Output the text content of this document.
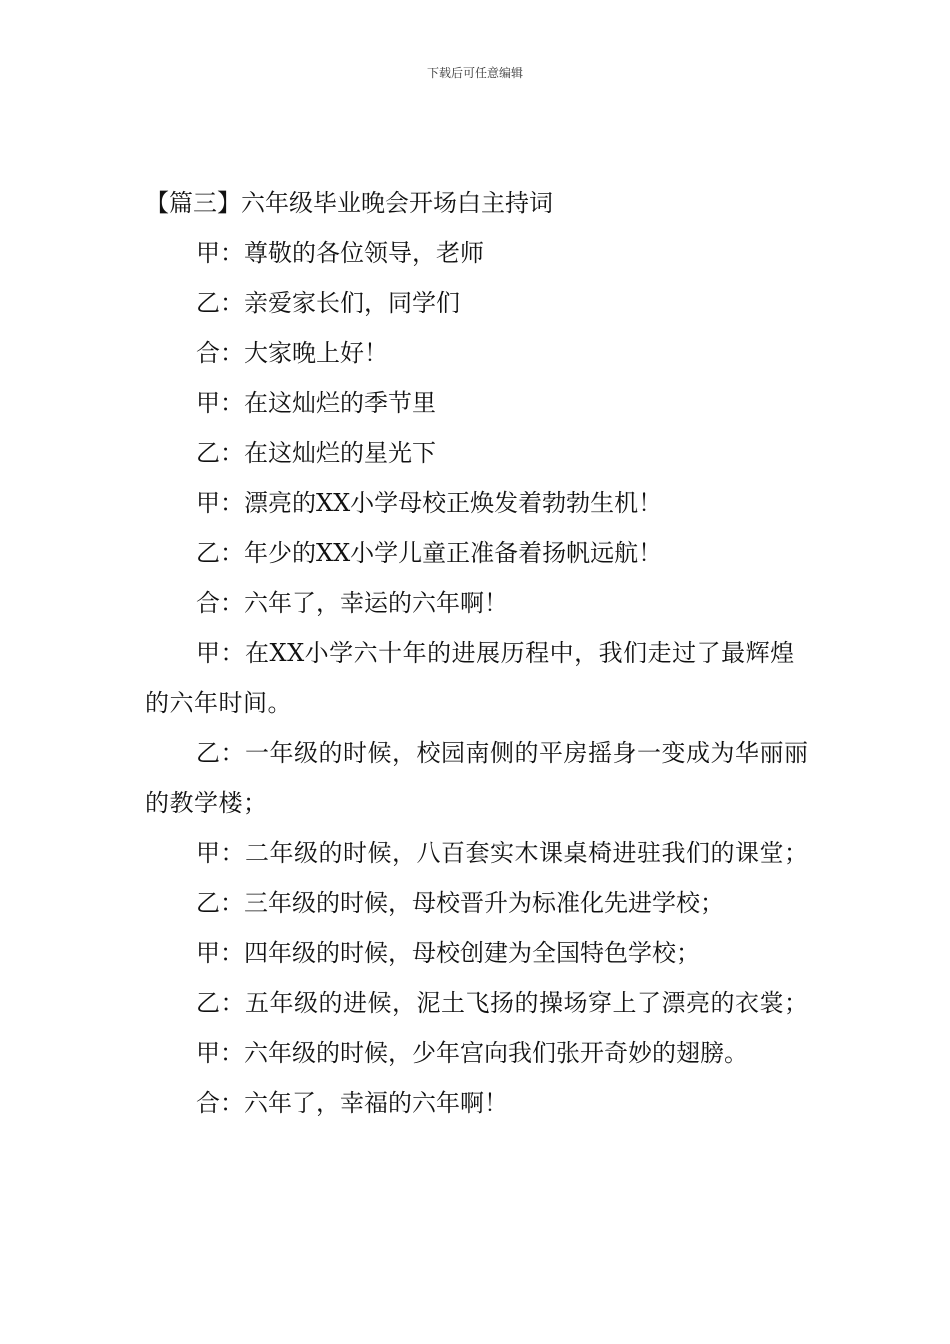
下载后可任意编辑

【篇三】六年级毕业晚会开场白主持词

甲：尊敬的各位领导，老师

乙：亲爱家长们，同学们

合：大家晚上好！

甲：在这灿烂的季节里

乙：在这灿烂的星光下

甲：漂亮的XX小学母校正焕发着勃勃生机！

乙：年少的XX小学儿童正准备着扬帆远航！

合：六年了，幸运的六年啊！

甲：在XX小学六十年的进展历程中，我们走过了最辉煌的六年时间。

乙：一年级的时候，校园南侧的平房摇身一变成为华丽丽的教学楼；

甲：二年级的时候，八百套实木课桌椅进驻我们的课堂；

乙：三年级的时候，母校晋升为标准化先进学校；

甲：四年级的时候，母校创建为全国特色学校；

乙：五年级的进候，泥土飞扬的操场穿上了漂亮的衣裳；

甲：六年级的时候，少年宫向我们张开奇妙的翅膀。

合：六年了，幸福的六年啊！
